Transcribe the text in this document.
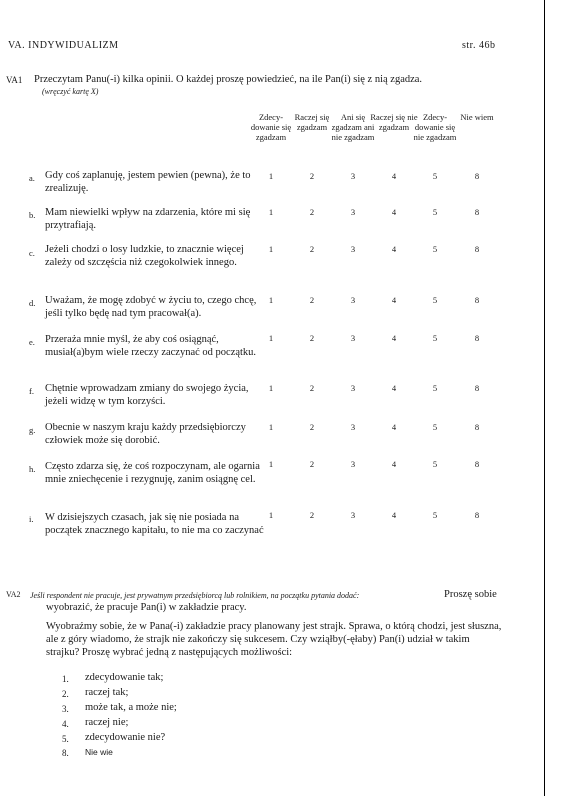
VA. INDYWIDUALIZM	str. 46b
VA1 Przeczytam Panu(-i) kilka opinii. O każdej proszę powiedzieć, na ile Pan(i) się z nią zgadza.
(wręczyć kartę X)
Zdecy-dowanie się zgadzam
Raczej się zgadzam
Ani się zgadzam ani nie zgadzam
Raczej się nie zgadzam
Zdecy-dowanie się nie zgadzam
Nie wiem
a. Gdy coś zaplanuję, jestem pewien (pewna), że to zrealizuję.
1	2	3	4	5	8
b. Mam niewielki wpływ na zdarzenia, które mi się przytrafiają.
1	2	3	4	5	8
c. Jeżeli chodzi o losy ludzkie, to znacznie więcej zależy od szczęścia niż czegokolwiek innego.
1	2	3	4	5	8
d. Uważam, że mogę zdobyć w życiu to, czego chcę, jeśli tylko będę nad tym pracował(a).
1	2	3	4	5	8
e. Przeraża mnie myśl, że aby coś osiągnąć, musiał(a)bym wiele rzeczy zaczynać od początku.
1	2	3	4	5	8
f. Chętnie wprowadzam zmiany do swojego życia, jeżeli widzę w tym korzyści.
1	2	3	4	5	8
g. Obecnie w naszym kraju każdy przedsiębiorczy człowiek może się dorobić.
1	2	3	4	5	8
h. Często zdarza się, że coś rozpoczynam, ale ogarnia mnie zniechęcenie i rezygnuję, zanim osiągnę cel.
1	2	3	4	5	8
i. W dzisiejszych czasach, jak się nie posiada na początek znacznego kapitału, to nie ma co zaczynać
1	2	3	4	5	8
VA2 Jeśli respondent nie pracuje, jest prywatnym przedsiębiorcą lub rolnikiem, na początku pytania dodać:	Proszę sobie
wyobrazić, że pracuje Pan(i) w zakładzie pracy.
Wyobraźmy sobie, że w Pana(-i) zakładzie pracy planowany jest strajk. Sprawa, o którą chodzi, jest słuszna, ale z góry wiadomo, że strajk nie zakończy się sukcesem. Czy wziąłby(-ęłaby) Pan(i) udział w takim strajku? Proszę wybrać jedną z następujących możliwości:
1. zdecydowanie tak;
2. raczej tak;
3. może tak, a może nie;
4. raczej nie;
5. zdecydowanie nie?
8. Nie wie
